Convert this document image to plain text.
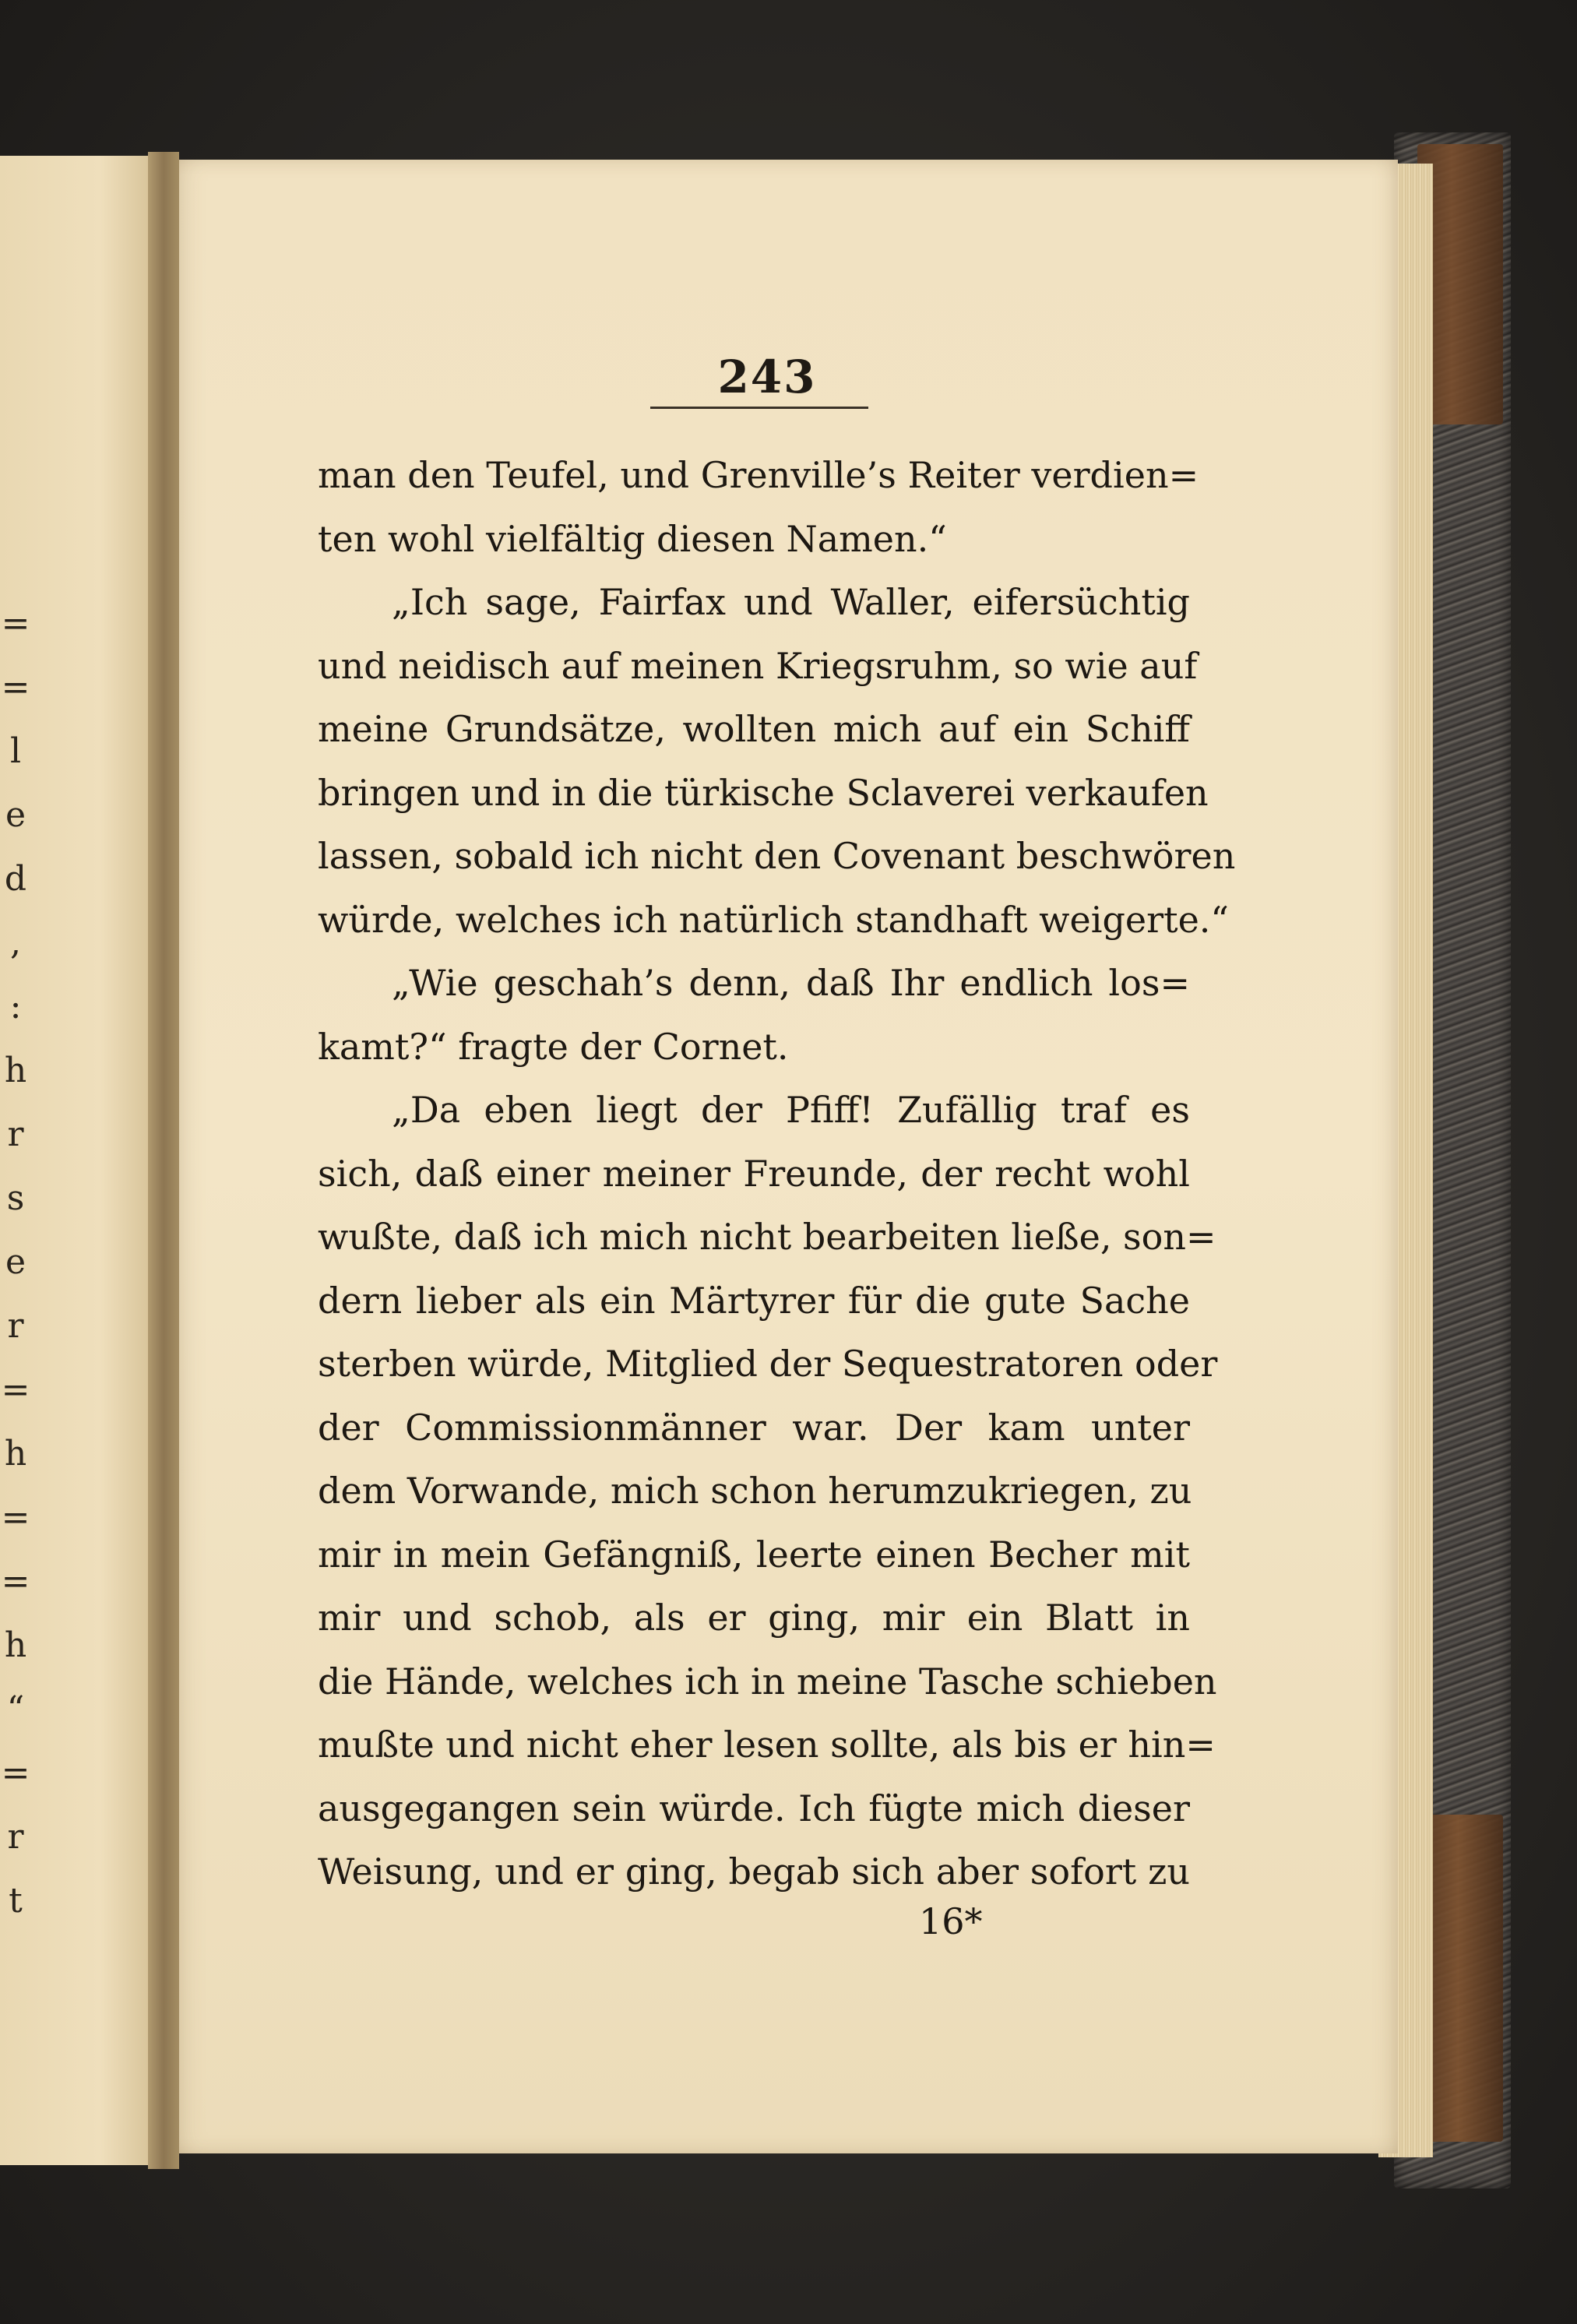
=
=
l
e
d
,
:
h
r
s
e
r
=
h
=
=
h
“
=
r
t
243
man den Teufel, und Grenville’s Reiter verdien=
ten wohl vielfältig diesen Namen.“
„Ich sage, Fairfax und Waller, eifersüchtig
und neidisch auf meinen Kriegsruhm, so wie auf
meine Grundsätze, wollten mich auf ein Schiff
bringen und in die türkische Sclaverei verkaufen
lassen, sobald ich nicht den Covenant beschwören
würde, welches ich natürlich standhaft weigerte.“
„Wie geschah’s denn, daß Ihr endlich los=
kamt?“ fragte der Cornet.
„Da eben liegt der Pfiff! Zufällig traf es
sich, daß einer meiner Freunde, der recht wohl
wußte, daß ich mich nicht bearbeiten ließe, son=
dern lieber als ein Märtyrer für die gute Sache
sterben würde, Mitglied der Sequestratoren oder
der Commissionmänner war. Der kam unter
dem Vorwande, mich schon herumzukriegen, zu
mir in mein Gefängniß, leerte einen Becher mit
mir und schob, als er ging, mir ein Blatt in
die Hände, welches ich in meine Tasche schieben
mußte und nicht eher lesen sollte, als bis er hin=
ausgegangen sein würde. Ich fügte mich dieser
Weisung, und er ging, begab sich aber sofort zu
16*
